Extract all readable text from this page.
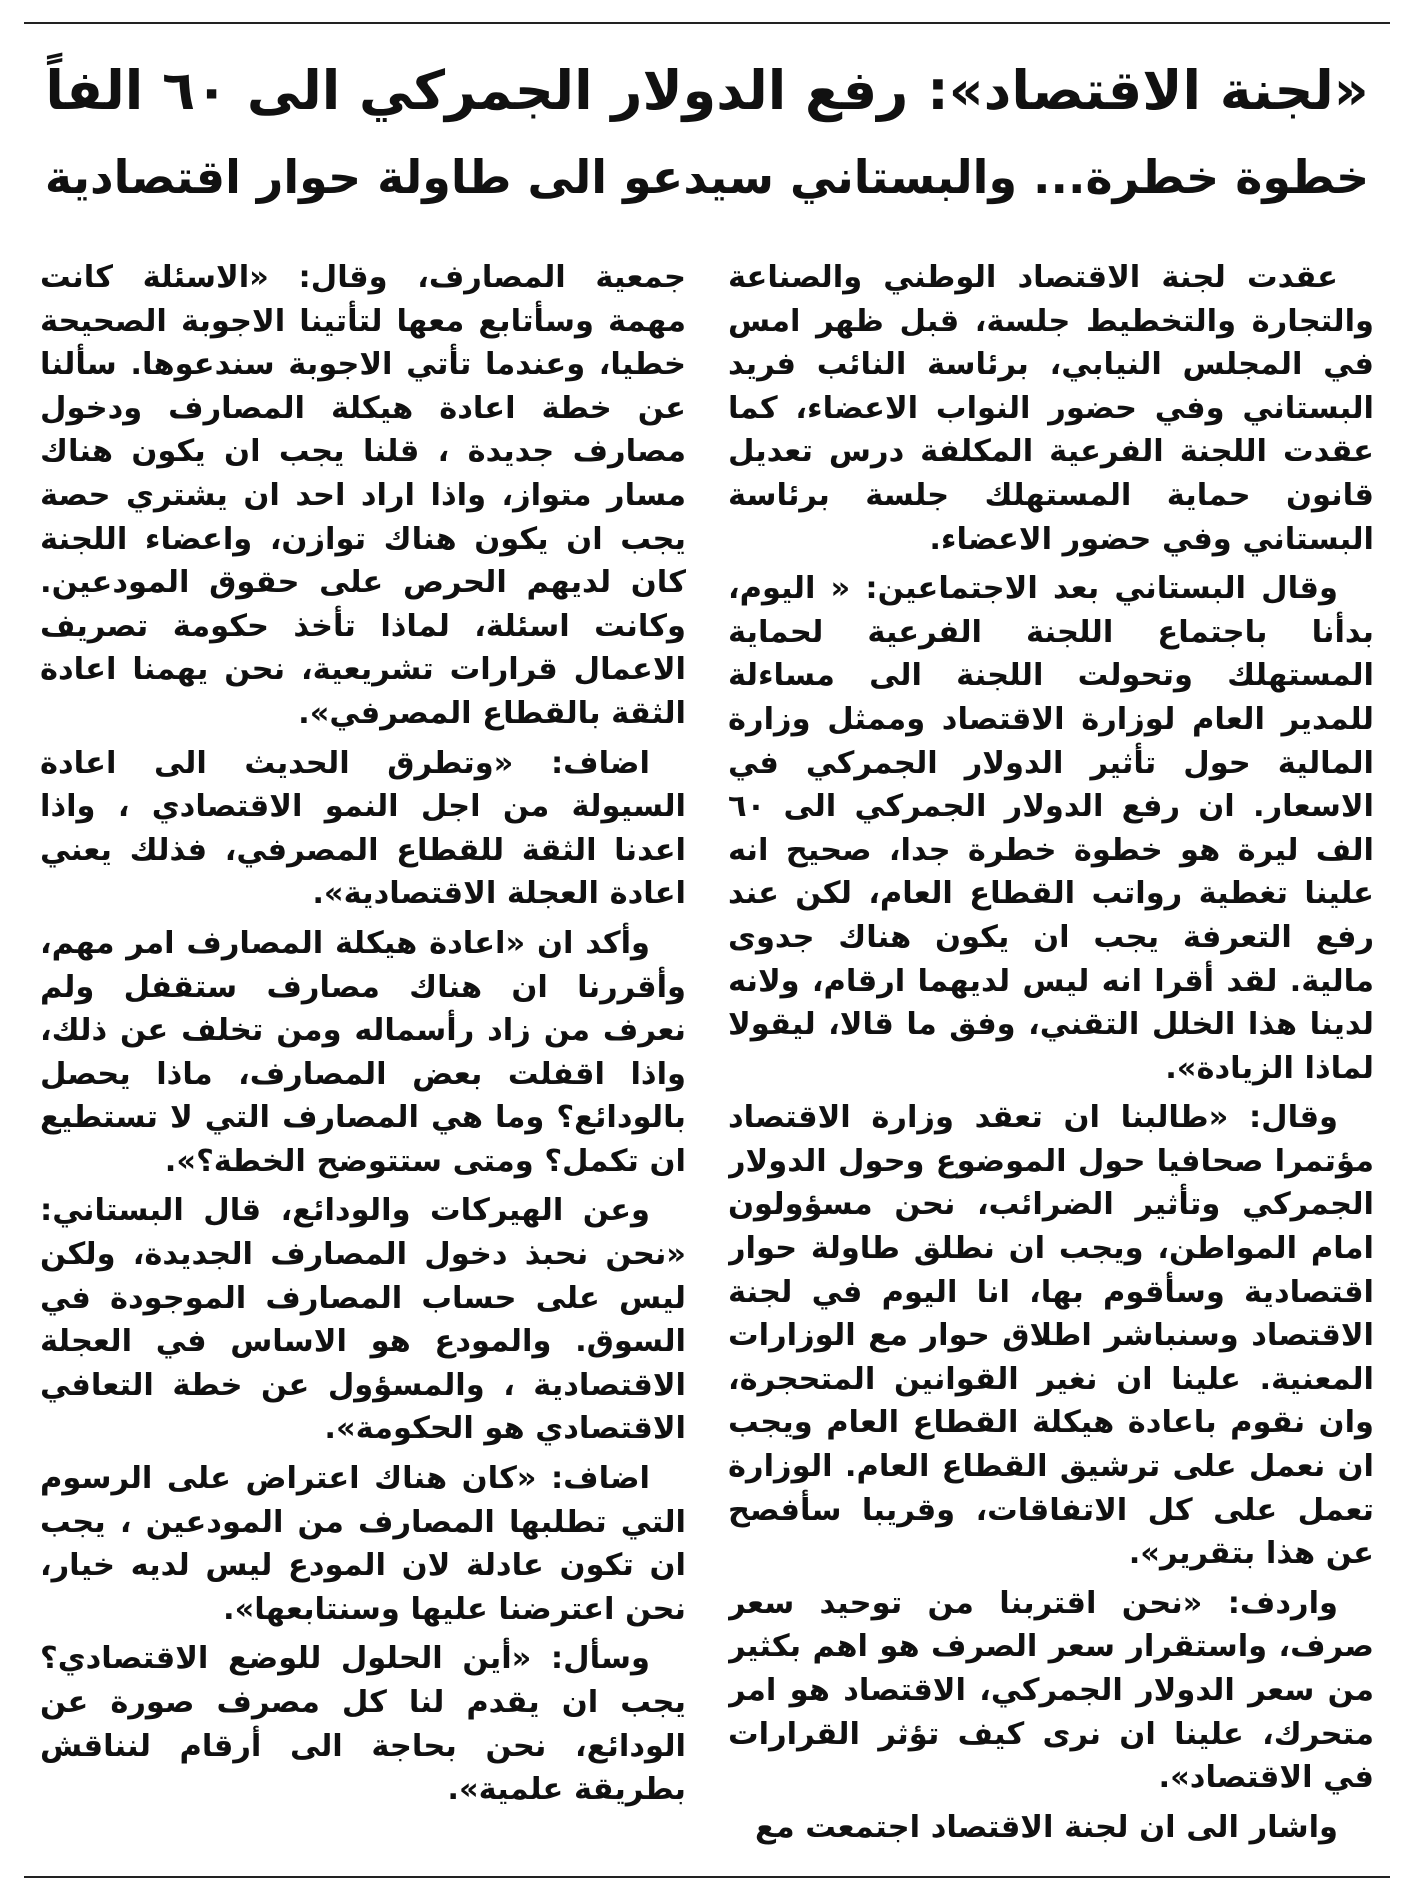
«لجنة الاقتصاد»: رفع الدولار الجمركي الى ٦٠ الفاً
خطوة خطرة... والبستاني سيدعو الى طاولة حوار اقتصادية

عقدت لجنة الاقتصاد الوطني والصناعة والتجارة والتخطيط جلسة، قبل ظهر امس في المجلس النيابي، برئاسة النائب فريد البستاني وفي حضور النواب الاعضاء، كما عقدت اللجنة الفرعية المكلفة درس تعديل قانون حماية المستهلك جلسة برئاسة البستاني وفي حضور الاعضاء.

وقال البستاني بعد الاجتماعين: « اليوم، بدأنا باجتماع اللجنة الفرعية لحماية المستهلك وتحولت اللجنة الى مساءلة للمدير العام لوزارة الاقتصاد وممثل وزارة المالية حول تأثير الدولار الجمركي في الاسعار. ان رفع الدولار الجمركي الى ٦٠ الف ليرة هو خطوة خطرة جدا، صحيح انه علينا تغطية رواتب القطاع العام، لكن عند رفع التعرفة يجب ان يكون هناك جدوى مالية. لقد أقرا انه ليس لديهما ارقام، ولانه لدينا هذا الخلل التقني، وفق ما قالا، ليقولا لماذا الزيادة».

وقال: «طالبنا ان تعقد وزارة الاقتصاد مؤتمرا صحافيا حول الموضوع وحول الدولار الجمركي وتأثير الضرائب، نحن مسؤولون امام المواطن، ويجب ان نطلق طاولة حوار اقتصادية وسأقوم بها، انا اليوم في لجنة الاقتصاد وسنباشر اطلاق حوار مع الوزارات المعنية. علينا ان نغير القوانين المتحجرة، وان نقوم باعادة هيكلة القطاع العام ويجب ان نعمل على ترشيق القطاع العام. الوزارة تعمل على كل الاتفاقات، وقريبا سأفصح عن هذا بتقرير».

واردف: «نحن اقتربنا من توحيد سعر صرف، واستقرار سعر الصرف هو اهم بكثير من سعر الدولار الجمركي، الاقتصاد هو امر متحرك، علينا ان نرى كيف تؤثر القرارات في الاقتصاد».

واشار الى ان لجنة الاقتصاد اجتمعت مع

جمعية المصارف، وقال: «الاسئلة كانت مهمة وسأتابع معها لتأتينا الاجوبة الصحيحة خطيا، وعندما تأتي الاجوبة سندعوها. سألنا عن خطة اعادة هيكلة المصارف ودخول مصارف جديدة ، قلنا يجب ان يكون هناك مسار متواز، واذا اراد احد ان يشتري حصة يجب ان يكون هناك توازن، واعضاء اللجنة كان لديهم الحرص على حقوق المودعين. وكانت اسئلة، لماذا تأخذ حكومة تصريف الاعمال قرارات تشريعية، نحن يهمنا اعادة الثقة بالقطاع المصرفي».

اضاف: «وتطرق الحديث الى اعادة السيولة من اجل النمو الاقتصادي ، واذا اعدنا الثقة للقطاع المصرفي، فذلك يعني اعادة العجلة الاقتصادية».

وأكد ان «اعادة هيكلة المصارف امر مهم، وأقررنا ان هناك مصارف ستقفل ولم نعرف من زاد رأسماله ومن تخلف عن ذلك، واذا اقفلت بعض المصارف، ماذا يحصل بالودائع؟ وما هي المصارف التي لا تستطيع ان تكمل؟ ومتى ستتوضح الخطة؟».

وعن الهيركات والودائع، قال البستاني: «نحن نحبذ دخول المصارف الجديدة، ولكن ليس على حساب المصارف الموجودة في السوق. والمودع هو الاساس في العجلة الاقتصادية ، والمسؤول عن خطة التعافي الاقتصادي هو الحكومة».

اضاف: «كان هناك اعتراض على الرسوم التي تطلبها المصارف من المودعين ، يجب ان تكون عادلة لان المودع ليس لديه خيار، نحن اعترضنا عليها وسنتابعها».

وسأل: «أين الحلول للوضع الاقتصادي؟ يجب ان يقدم لنا كل مصرف صورة عن الودائع، نحن بحاجة الى أرقام لنناقش بطريقة علمية».
